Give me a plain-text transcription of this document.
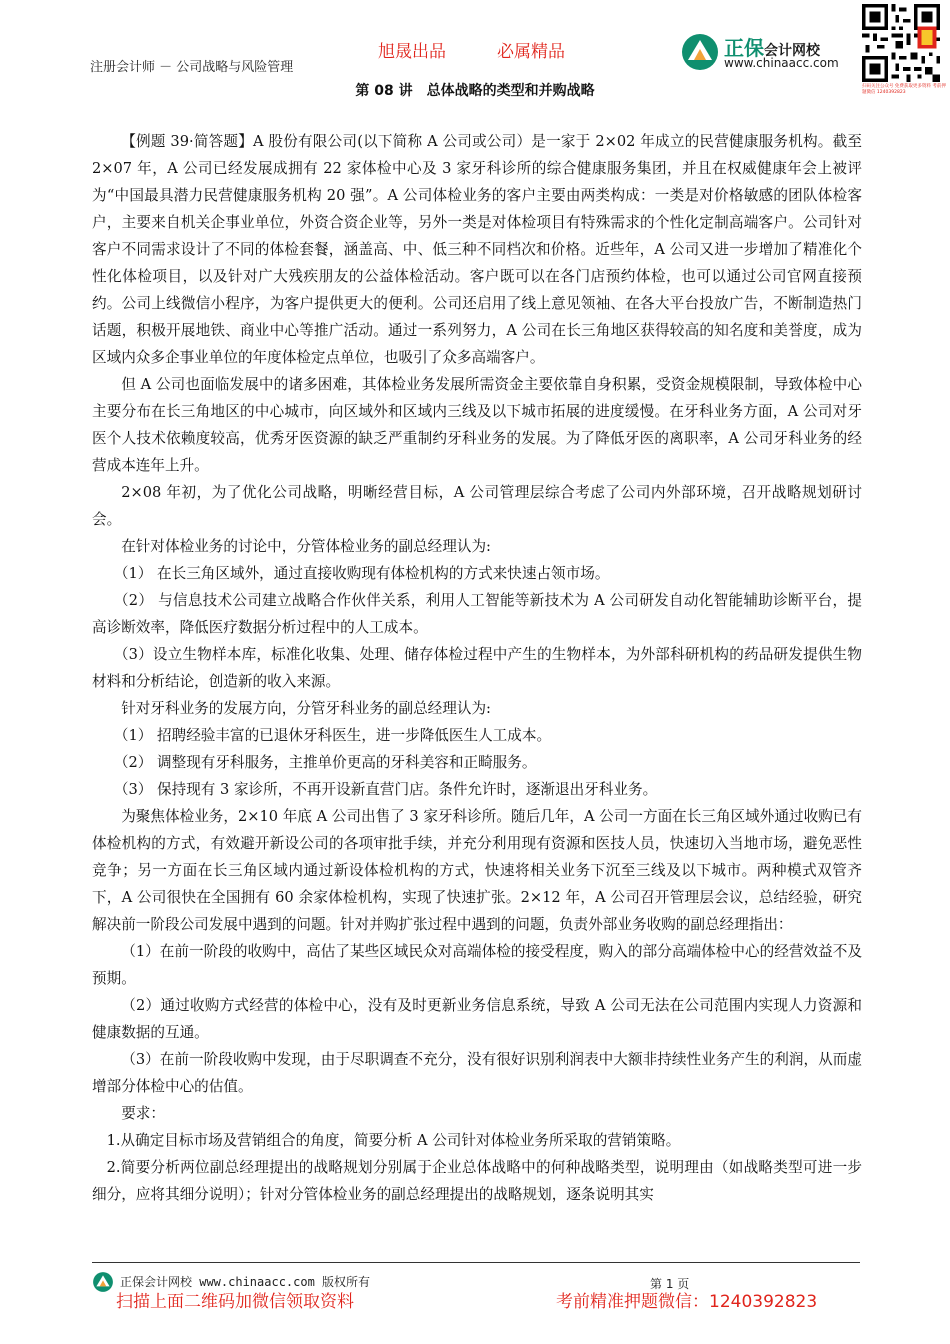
旭晟出品	必属精品
注册会计师 － 公司战略与风险管理
第 08 讲　总体战略的类型和并购战略
正保会计网校
www.chinaacc.com
扫码关注公众号 免费获取更多资料 考前押题微信 1240392823

【例题 39·简答题】A 股份有限公司(以下简称 A 公司或公司）是一家于 2×02 年成立的民营健康服务机构。截至 2×07 年，A 公司已经发展成拥有 22 家体检中心及 3 家牙科诊所的综合健康服务集团，并且在权威健康年会上被评为“中国最具潜力民营健康服务机构 20 强”。A 公司体检业务的客户主要由两类构成：一类是对价格敏感的团队体检客户，主要来自机关企事业单位，外资合资企业等，另外一类是对体检项目有特殊需求的个性化定制高端客户。公司针对客户不同需求设计了不同的体检套餐，涵盖高、中、低三种不同档次和价格。近些年，A 公司又进一步增加了精准化个性化体检项目，以及针对广大残疾朋友的公益体检活动。客户既可以在各门店预约体检，也可以通过公司官网直接预约。公司上线微信小程序，为客户提供更大的便利。公司还启用了线上意见领袖、在各大平台投放广告，不断制造热门话题，积极开展地铁、商业中心等推广活动。通过一系列努力，A 公司在长三角地区获得较高的知名度和美誉度，成为区域内众多企事业单位的年度体检定点单位，也吸引了众多高端客户。

但 A 公司也面临发展中的诸多困难，其体检业务发展所需资金主要依靠自身积累，受资金规模限制，导致体检中心主要分布在长三角地区的中心城市，向区域外和区域内三线及以下城市拓展的进度缓慢。在牙科业务方面，A 公司对牙医个人技术依赖度较高，优秀牙医资源的缺乏严重制约牙科业务的发展。为了降低牙医的离职率，A 公司牙科业务的经营成本连年上升。

2×08 年初，为了优化公司战略，明晰经营目标，A 公司管理层综合考虑了公司内外部环境，召开战略规划研讨会。

在针对体检业务的讨论中，分管体检业务的副总经理认为:

（1） 在长三角区域外，通过直接收购现有体检机构的方式来快速占领市场。

（2） 与信息技术公司建立战略合作伙伴关系，利用人工智能等新技术为 A 公司研发自动化智能辅助诊断平台，提高诊断效率，降低医疗数据分析过程中的人工成本。

（3）设立生物样本库，标准化收集、处理、储存体检过程中产生的生物样本，为外部科研机构的药品研发提供生物材料和分析结论，创造新的收入来源。

针对牙科业务的发展方向，分管牙科业务的副总经理认为:

（1） 招聘经验丰富的已退休牙科医生，进一步降低医生人工成本。

（2） 调整现有牙科服务，主推单价更高的牙科美容和正畸服务。

（3） 保持现有 3 家诊所，不再开设新直营门店。条件允许时，逐渐退出牙科业务。

为聚焦体检业务，2×10 年底 A 公司出售了 3 家牙科诊所。随后几年，A 公司一方面在长三角区域外通过收购已有体检机构的方式，有效避开新设公司的各项审批手续，并充分利用现有资源和医技人员，快速切入当地市场，避免恶性竞争；另一方面在长三角区域内通过新设体检机构的方式，快速将相关业务下沉至三线及以下城市。两种模式双管齐下，A 公司很快在全国拥有 60 余家体检机构，实现了快速扩张。2×12 年，A 公司召开管理层会议，总结经验，研究解决前一阶段公司发展中遇到的问题。针对并购扩张过程中遇到的问题，负责外部业务收购的副总经理指出：

（1）在前一阶段的收购中，高估了某些区域民众对高端体检的接受程度，购入的部分高端体检中心的经营效益不及预期。

（2）通过收购方式经营的体检中心，没有及时更新业务信息系统，导致 A 公司无法在公司范围内实现人力资源和健康数据的互通。

（3）在前一阶段收购中发现，由于尽职调查不充分，没有很好识别利润表中大额非持续性业务产生的利润，从而虚增部分体检中心的估值。

要求：

1.从确定目标市场及营销组合的角度，简要分析 A 公司针对体检业务所采取的营销策略。

2.简要分析两位副总经理提出的战略规划分别属于企业总体战略中的何种战略类型，说明理由（如战略类型可进一步细分，应将其细分说明）；针对分管体检业务的副总经理提出的战略规划，逐条说明其实

正保会计网校 www.chinaacc.com 版权所有	第 1 页
扫描上面二维码加微信领取资料	考前精准押题微信：1240392823
